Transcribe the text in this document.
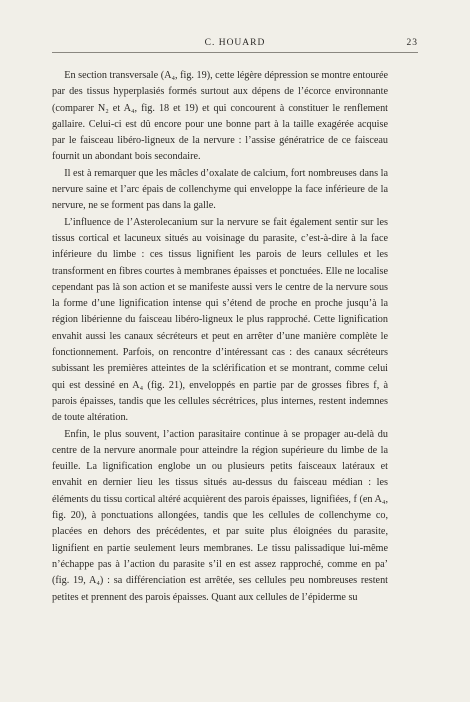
C. HOUARD	23

En section transversale (A₄, fig. 19), cette légère dépression se montre entourée par des tissus hyperplasiés formés surtout aux dépens de l’écorce environnante (comparer N₂ et A₄, fig. 18 et 19) et qui concourent à constituer le renflement gallaire. Celui-ci est dû encore pour une bonne part à la taille exagérée acquise par le faisceau libéro-ligneux de la nervure : l’assise génératrice de ce faisceau fournit un abondant bois secondaire.

Il est à remarquer que les mâcles d’oxalate de calcium, fort nombreuses dans la nervure saine et l’arc épais de collenchyme qui enveloppe la face inférieure de la nervure, ne se forment pas dans la galle.

L’influence de l’Asterolecanium sur la nervure se fait également sentir sur les tissus cortical et lacuneux situés au voisinage du parasite, c’est-à-dire à la face inférieure du limbe : ces tissus lignifient les parois de leurs cellules et les transforment en fibres courtes à membranes épaisses et ponctuées. Elle ne localise cependant pas là son action et se manifeste aussi vers le centre de la nervure sous la forme d’une lignification intense qui s’étend de proche en proche jusqu’à la région libérienne du faisceau libéro-ligneux le plus rapproché. Cette lignification envahit aussi les canaux sécréteurs et peut en arrêter d’une manière complète le fonctionnement. Parfois, on rencontre d’intéressant cas : des canaux sécréteurs subissant les premières atteintes de la sclérification et se montrant, comme celui qui est dessiné en A₄ (fig. 21), enveloppés en partie par de grosses fibres f, à parois épaisses, tandis que les cellules sécrétrices, plus internes, restent indemnes de toute altération.

Enfin, le plus souvent, l’action parasitaire continue à se propager au-delà du centre de la nervure anormale pour atteindre la région supérieure du limbe de la feuille. La lignification englobe un ou plusieurs petits faisceaux latéraux et envahit en dernier lieu les tissus situés au-dessus du faisceau médian : les éléments du tissu cortical altéré acquièrent des parois épaisses, lignifiées, f (en A₄, fig. 20), à ponctuations allongées, tandis que les cellules de collenchyme co, placées en dehors des précédentes, et par suite plus éloignées du parasite, lignifient en partie seulement leurs membranes. Le tissu palissadique lui-même n’échappe pas à l’action du parasite s’il en est assez rapproché, comme en pa’ (fig. 19, A₄) : sa différenciation est arrêtée, ses cellules peu nombreuses restent petites et prennent des parois épaisses. Quant aux cellules de l’épiderme su
